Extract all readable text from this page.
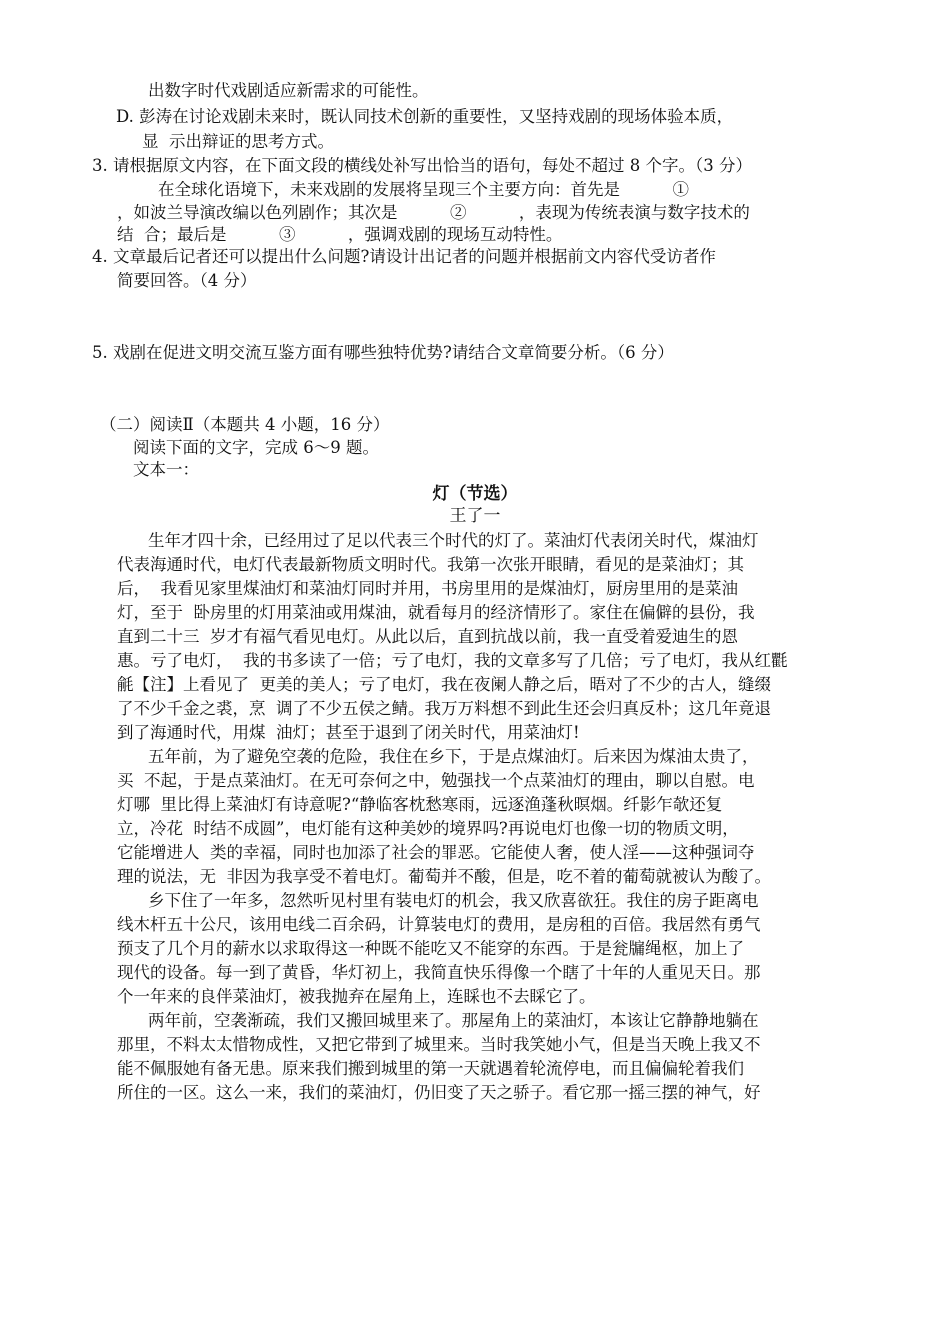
出数字时代戏剧适应新需求的可能性。
D. 彭涛在讨论戏剧未来时，既认同技术创新的重要性，又坚持戏剧的现场体验本质，
显  示出辩证的思考方式。
3. 请根据原文内容，在下面文段的横线处补写出恰当的语句，每处不超过 8 个字。（3 分）
在全球化语境下，未来戏剧的发展将呈现三个主要方向：首先是          ①
，如波兰导演改编以色列剧作；其次是          ②          ，表现为传统表演与数字技术的
结  合；最后是          ③          ，强调戏剧的现场互动特性。
4. 文章最后记者还可以提出什么问题?请设计出记者的问题并根据前文内容代受访者作
简要回答。（4 分）
5. 戏剧在促进文明交流互鉴方面有哪些独特优势?请结合文章简要分析。（6 分）
（二）阅读Ⅱ（本题共 4 小题，16 分）
阅读下面的文字，完成 6～9 题。
文本一：
灯（节选）
王了一
生年才四十余，已经用过了足以代表三个时代的灯了。菜油灯代表闭关时代，煤油灯
代表海通时代，电灯代表最新物质文明时代。我第一次张开眼睛，看见的是菜油灯；其
后，  我看见家里煤油灯和菜油灯同时并用，书房里用的是煤油灯，厨房里用的是菜油
灯，至于  卧房里的灯用菜油或用煤油，就看每月的经济情形了。家住在偏僻的县份，我
直到二十三  岁才有福气看见电灯。从此以后，直到抗战以前，我一直受着爱迪生的恩
惠。亏了电灯，  我的书多读了一倍；亏了电灯，我的文章多写了几倍；亏了电灯，我从红氍
毹【注】上看见了  更美的美人；亏了电灯，我在夜阑人静之后，晤对了不少的古人，缝缀
了不少千金之裘，烹  调了不少五侯之鲭。我万万料想不到此生还会归真反朴；这几年竟退
到了海通时代，用煤  油灯；甚至于退到了闭关时代，用菜油灯!
五年前，为了避免空袭的危险，我住在乡下，于是点煤油灯。后来因为煤油太贵了，
买  不起，于是点菜油灯。在无可奈何之中，勉强找一个点菜油灯的理由，聊以自慰。电
灯哪  里比得上菜油灯有诗意呢?“静临客枕愁寒雨，远逐渔蓬秋暝烟。纤影乍欹还复
立，冷花  时结不成圆”，电灯能有这种美妙的境界吗?再说电灯也像一切的物质文明，
它能增进人  类的幸福，同时也加添了社会的罪恶。它能使人奢，使人淫——这种强词夺
理的说法，无  非因为我享受不着电灯。葡萄并不酸，但是，吃不着的葡萄就被认为酸了。
乡下住了一年多，忽然听见村里有装电灯的机会，我又欣喜欲狂。我住的房子距离电
线木杆五十公尺，该用电线二百余码，计算装电灯的费用，是房租的百倍。我居然有勇气
预支了几个月的薪水以求取得这一种既不能吃又不能穿的东西。于是瓮牖绳枢，加上了
现代的设备。每一到了黄昏，华灯初上，我简直快乐得像一个瞎了十年的人重见天日。那
个一年来的良伴菜油灯，被我抛弃在屋角上，连睬也不去睬它了。
两年前，空袭渐疏，我们又搬回城里来了。那屋角上的菜油灯，本该让它静静地躺在
那里，不料太太惜物成性，又把它带到了城里来。当时我笑她小气，但是当天晚上我又不
能不佩服她有备无患。原来我们搬到城里的第一天就遇着轮流停电，而且偏偏轮着我们
所住的一区。这么一来，我们的菜油灯，仍旧变了天之骄子。看它那一摇三摆的神气，好
